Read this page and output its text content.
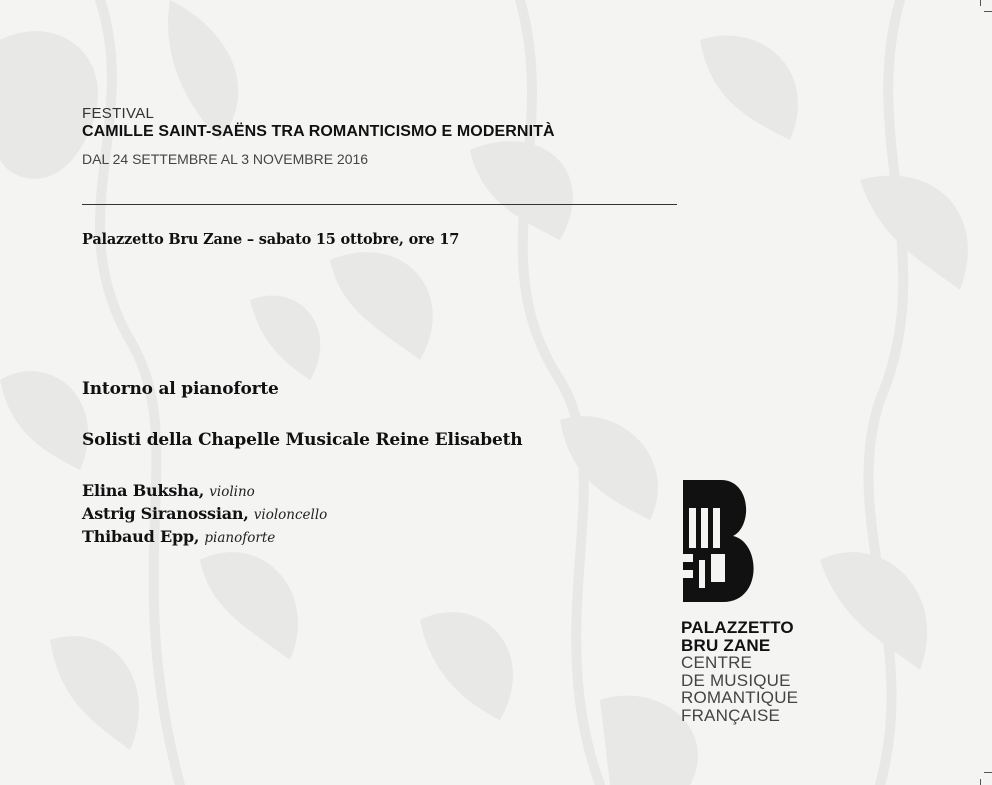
FESTIVAL
CAMILLE SAINT-SAËNS TRA ROMANTICISMO E MODERNITÀ
DAL 24 SETTEMBRE AL 3 NOVEMBRE 2016
Palazzetto Bru Zane – sabato 15 ottobre, ore 17
Intorno al pianoforte
Solisti della Chapelle Musicale Reine Elisabeth
Elina Buksha, violino
Astrig Siranossian, violoncello
Thibaud Epp, pianoforte
PALAZZETTO
BRU ZANE
CENTRE
DE MUSIQUE
ROMANTIQUE
FRANÇAISE
